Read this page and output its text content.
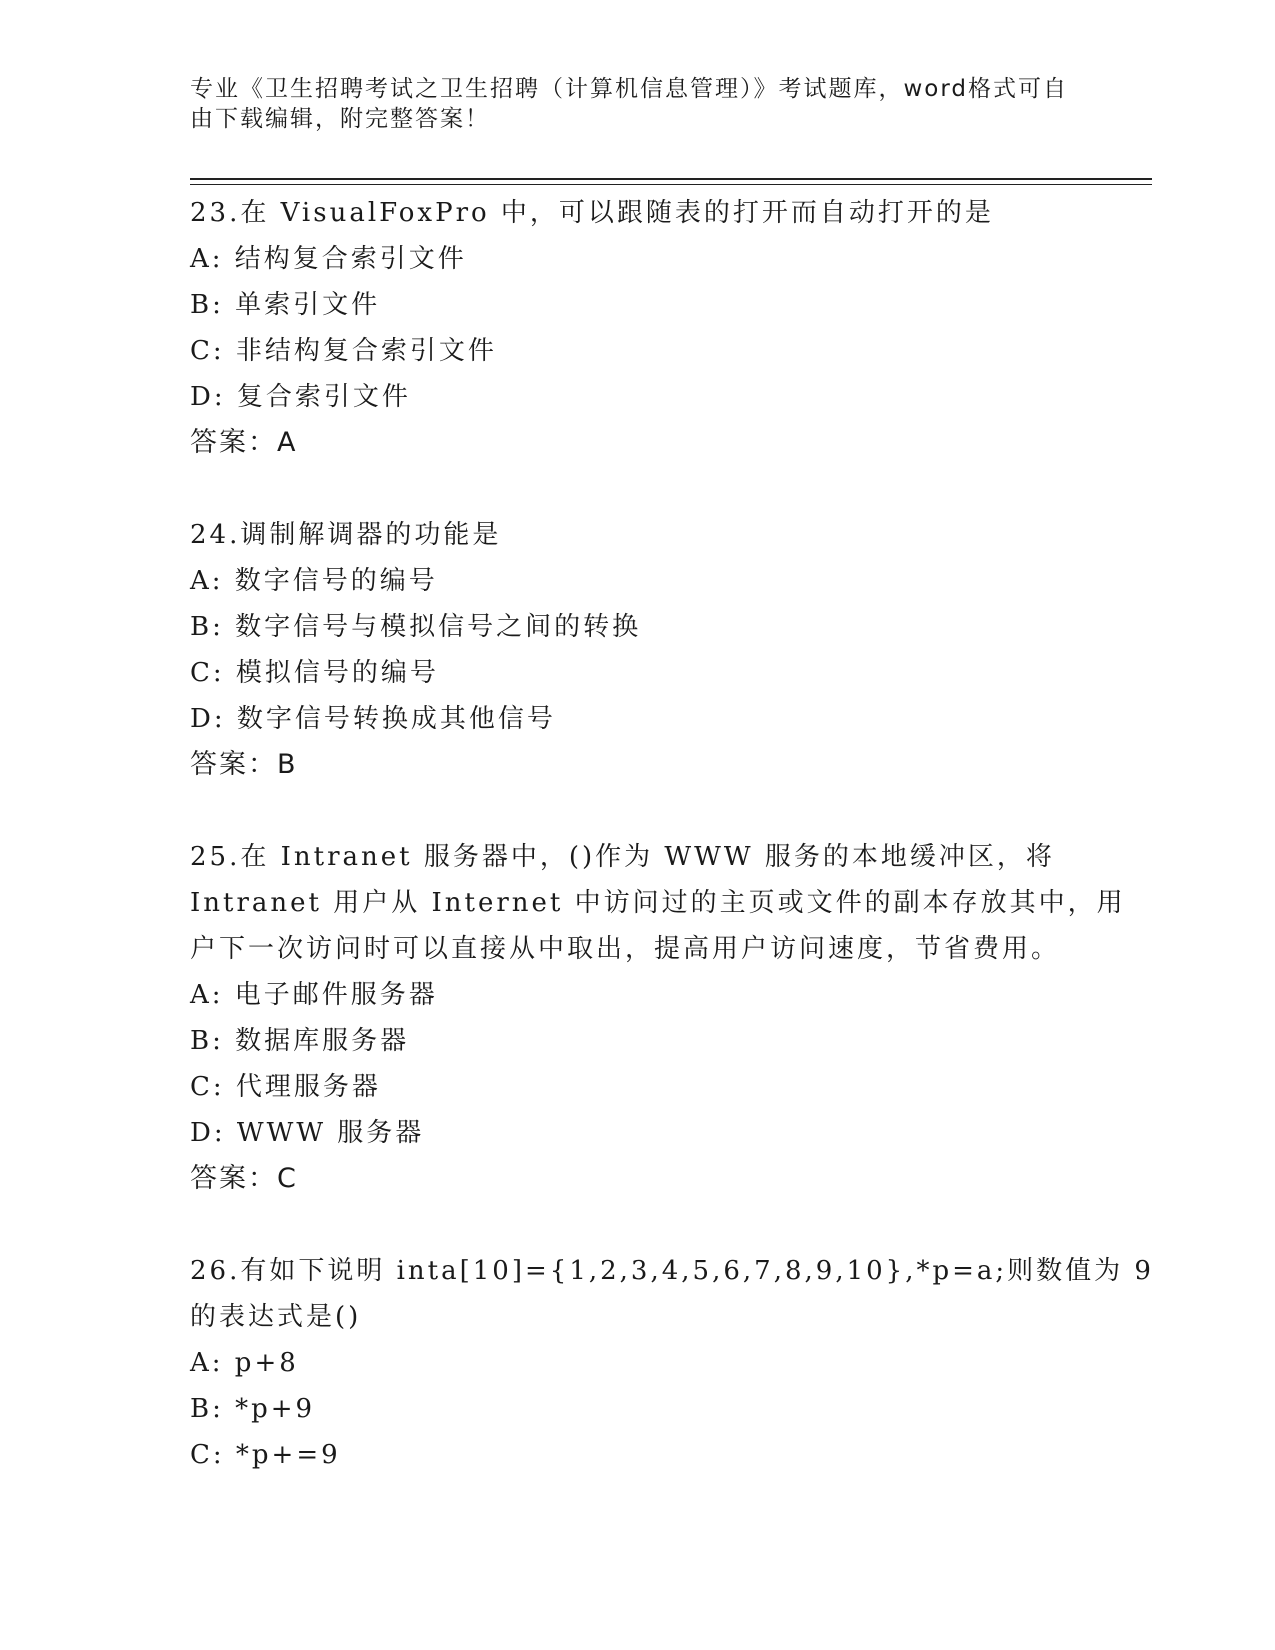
专业《卫生招聘考试之卫生招聘（计算机信息管理）》考试题库，word格式可自

由下载编辑，附完整答案！

23.在 VisualFoxPro 中，可以跟随表的打开而自动打开的是
A: 结构复合索引文件
B: 单索引文件
C: 非结构复合索引文件
D: 复合索引文件
答案：A
24.调制解调器的功能是
A: 数字信号的编号
B: 数字信号与模拟信号之间的转换
C: 模拟信号的编号
D: 数字信号转换成其他信号
答案：B
25.在 Intranet 服务器中，()作为 WWW 服务的本地缓冲区，将
Intranet 用户从 Internet 中访问过的主页或文件的副本存放其中，用
户下一次访问时可以直接从中取出，提高用户访问速度，节省费用。
A: 电子邮件服务器
B: 数据库服务器
C: 代理服务器
D: WWW 服务器
答案：C
26.有如下说明 inta[10]={1,2,3,4,5,6,7,8,9,10},*p=a;则数值为 9
的表达式是()
A: p+8
B: *p+9
C: *p+=9
